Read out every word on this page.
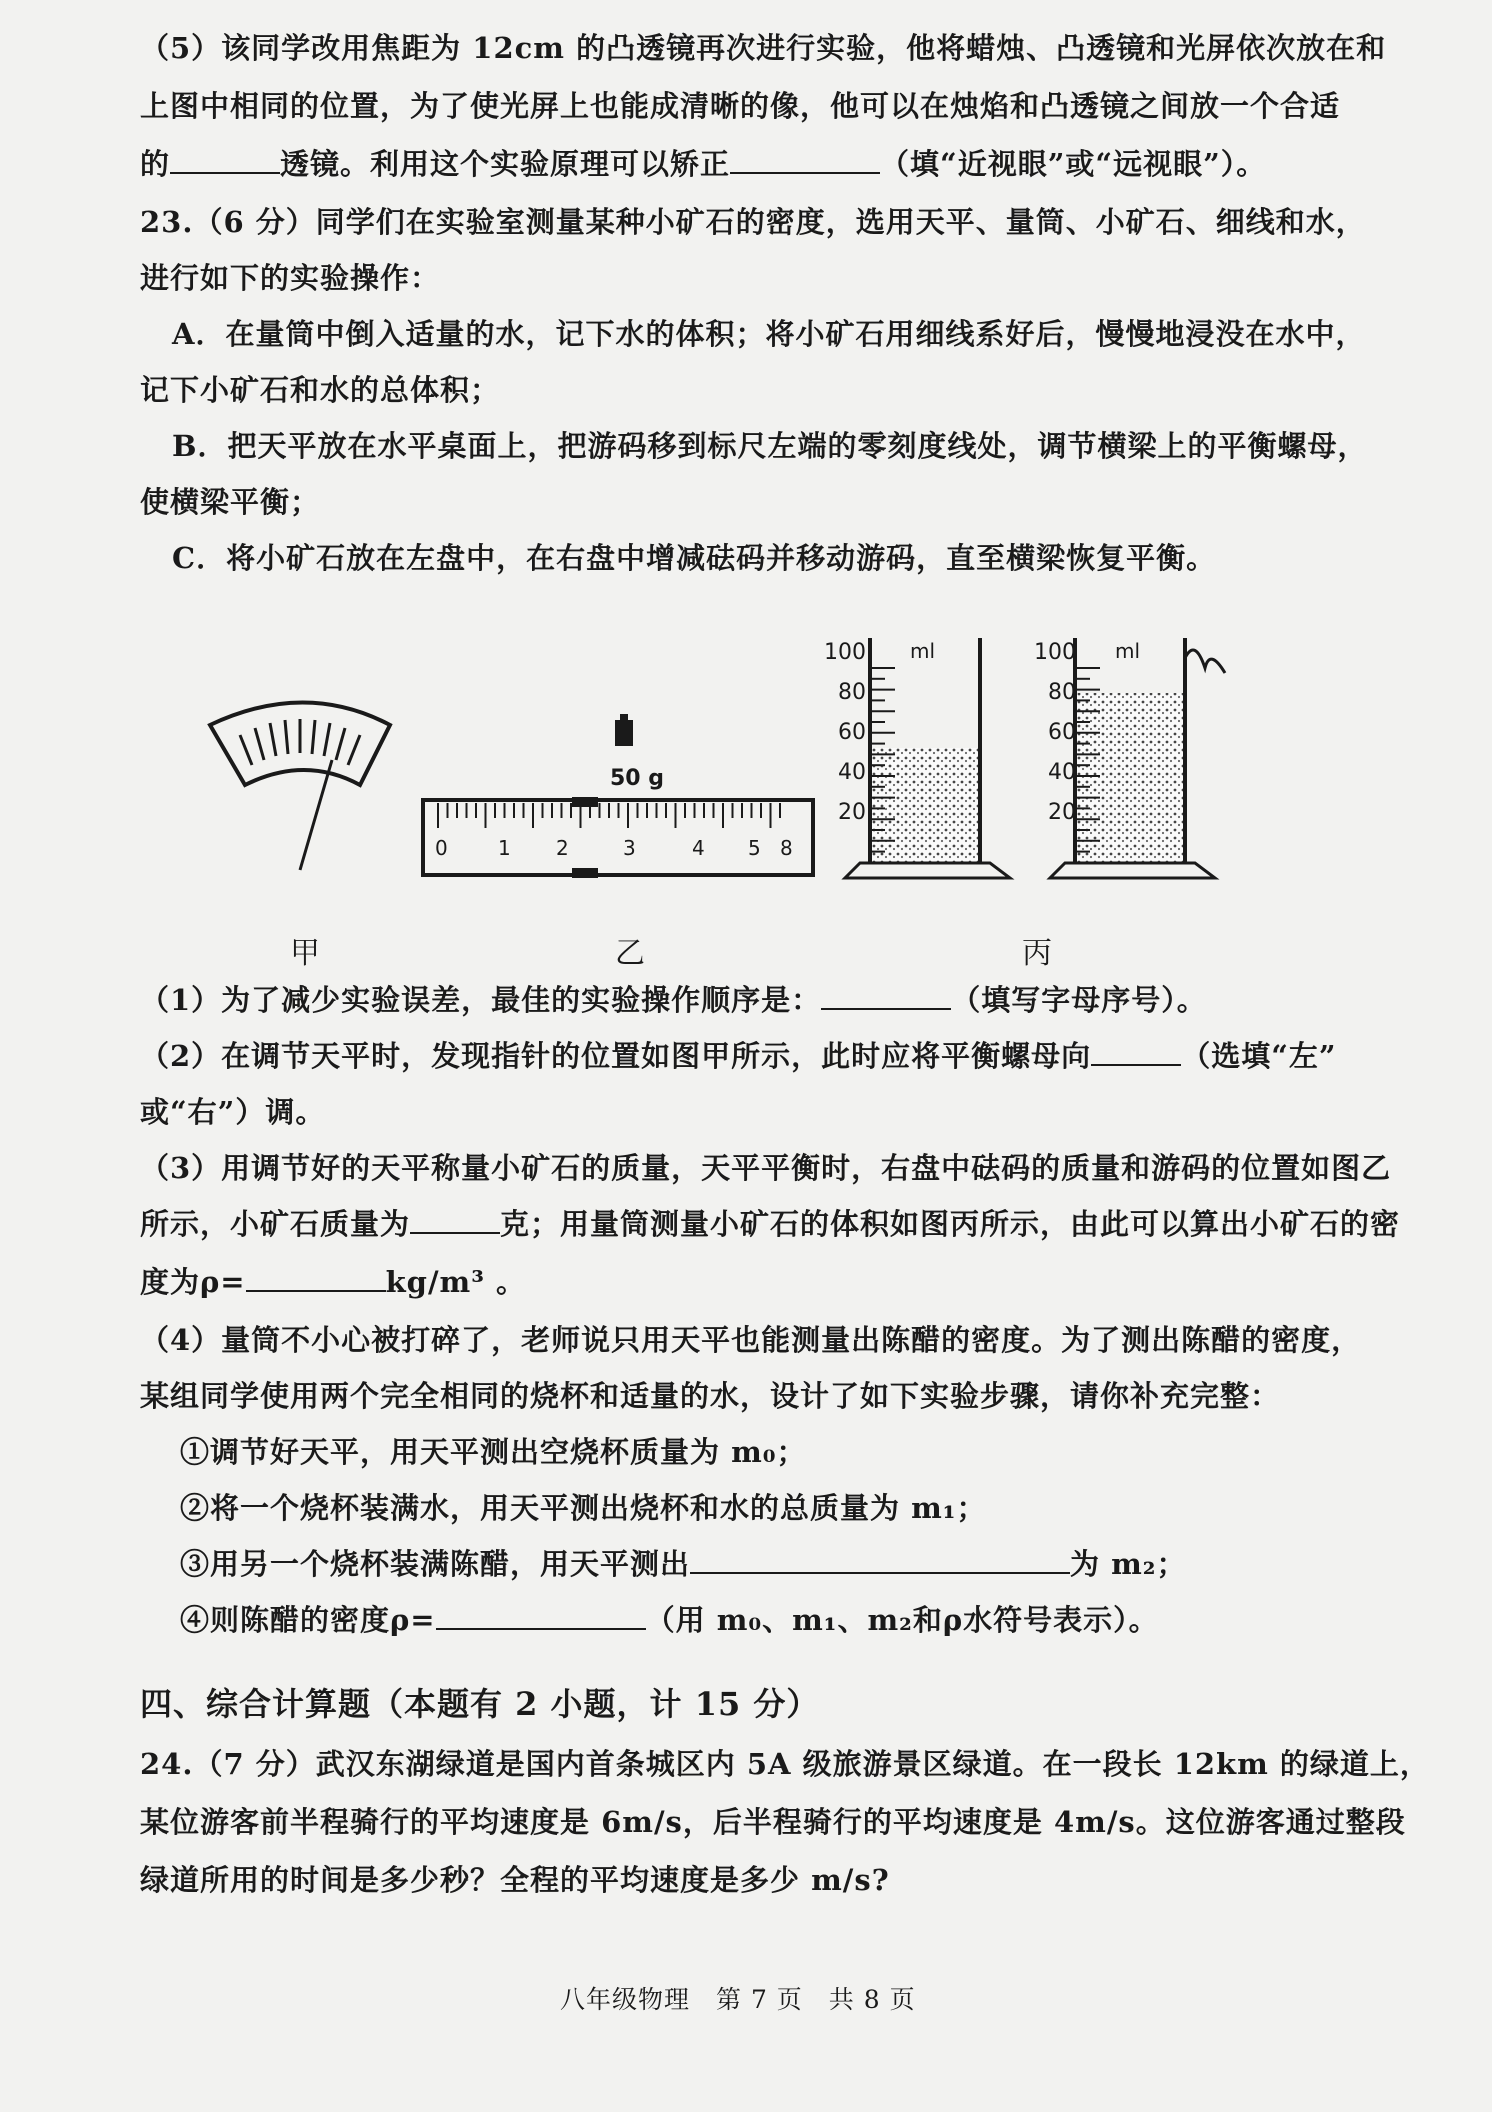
（5）该同学改用焦距为 12cm 的凸透镜再次进行实验，他将蜡烛、凸透镜和光屏依次放在和
上图中相同的位置，为了使光屏上也能成清晰的像，他可以在烛焰和凸透镜之间放一个合适
的	透镜。利用这个实验原理可以矫正	（填“近视眼”或“远视眼”）。
23.（6 分）同学们在实验室测量某种小矿石的密度，选用天平、量筒、小矿石、细线和水，
进行如下的实验操作：
A．在量筒中倒入适量的水，记下水的体积；将小矿石用细线系好后，慢慢地浸没在水中，
记下小矿石和水的总体积；
B．把天平放在水平桌面上，把游码移到标尺左端的零刻度线处，调节横梁上的平衡螺母，
使横梁平衡；
C．将小矿石放在左盘中，在右盘中增减砝码并移动游码，直至横梁恢复平衡。
50 g
0	1 2	3	4 5 8
ml
100
80
60
40
20
ml
100
80
60
40
20
甲	乙	丙
（1）为了减少实验误差，最佳的实验操作顺序是：	（填写字母序号）。
（2）在调节天平时，发现指针的位置如图甲所示，此时应将平衡螺母向	（选填“左”
或“右”）调。
（3）用调节好的天平称量小矿石的质量，天平平衡时，右盘中砝码的质量和游码的位置如图乙
所示，小矿石质量为	克；用量筒测量小矿石的体积如图丙所示，由此可以算出小矿石的密
度为ρ=	kg/m³ 。
（4）量筒不小心被打碎了，老师说只用天平也能测量出陈醋的密度。为了测出陈醋的密度，
某组同学使用两个完全相同的烧杯和适量的水，设计了如下实验步骤，请你补充完整：
①调节好天平，用天平测出空烧杯质量为 m₀；
②将一个烧杯装满水，用天平测出烧杯和水的总质量为 m₁；
③用另一个烧杯装满陈醋，用天平测出	为 m₂；
④则陈醋的密度ρ=	（用 m₀、m₁、m₂和ρ水符号表示）。
四、综合计算题（本题有 2 小题，计 15 分）
24.（7 分）武汉东湖绿道是国内首条城区内 5A 级旅游景区绿道。在一段长 12km 的绿道上，
某位游客前半程骑行的平均速度是 6m/s，后半程骑行的平均速度是 4m/s。这位游客通过整段
绿道所用的时间是多少秒？全程的平均速度是多少 m/s?
八年级物理　第 7 页　共 8 页
